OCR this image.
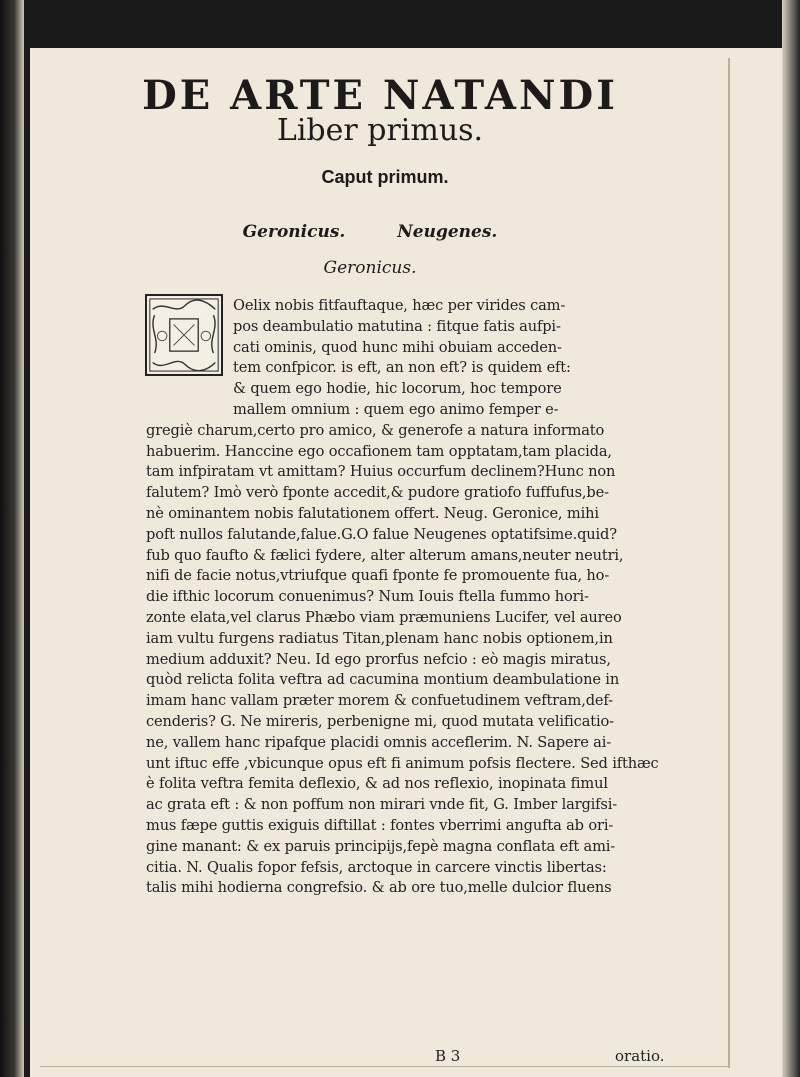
DE ARTE NATANDI
Liber primus.
Caput primum.
Geronicus.	Neugenes.
Geronicus.
Oelix nobis fitfauftaque, hæc per virides cam-
pos deambulatio matutina : fitque fatis aufpi-
cati ominis, quod hunc mihi obuiam acceden-
tem confpicor. is eft, an non eft? is quidem eft:
& quem ego hodie, hic locorum, hoc tempore
mallem omnium : quem ego animo femper e-
gregiè charum,certo pro amico, & generofe a natura informato
habuerim. Hanccine ego occafionem tam opptatam,tam placida,
tam infpiratam vt amittam? Huius occurfum declinem?Hunc non
falutem? Imò verò fponte accedit,& pudore gratiofo fuffufus,be-
nè ominantem nobis falutationem offert. Neug. Geronice, mihi
poft nullos falutande,falue.G.O falue Neugenes optatifsime.quid?
fub quo faufto & fælici fydere, alter alterum amans,neuter neutri,
nifi de facie notus,vtriufque quafi fponte fe promouente fua, ho-
die ifthic locorum conuenimus? Num Iouis ftella fummo hori-
zonte elata,vel clarus Phæbo viam præmuniens Lucifer, vel aureo
iam vultu furgens radiatus Titan,plenam hanc nobis optionem,in
medium adduxit? Neu. Id ego prorfus nefcio : eò magis miratus,
quòd relicta folita veftra ad cacumina montium deambulatione in
imam hanc vallam præter morem & confuetudinem veftram,def-
cenderis? G. Ne mireris, perbenigne mi, quod mutata velificatio-
ne, vallem hanc ripafque placidi omnis acceflerim. N. Sapere ai-
unt iftuc effe ,vbicunque opus eft fi animum pofsis flectere. Sed ifthæc
è folita veftra femita deflexio, & ad nos reflexio, inopinata fimul
ac grata eft : & non poffum non mirari vnde fit, G. Imber largifsi-
mus fæpe guttis exiguis diftillat : fontes vberrimi angufta ab ori-
gine manant: & ex paruis principijs,fepè magna conflata eft ami-
citia. N. Qualis fopor fefsis, arctoque in carcere vinctis libertas:
talis mihi hodierna congrefsio. & ab ore tuo,melle dulcior fluens
B 3	oratio.
